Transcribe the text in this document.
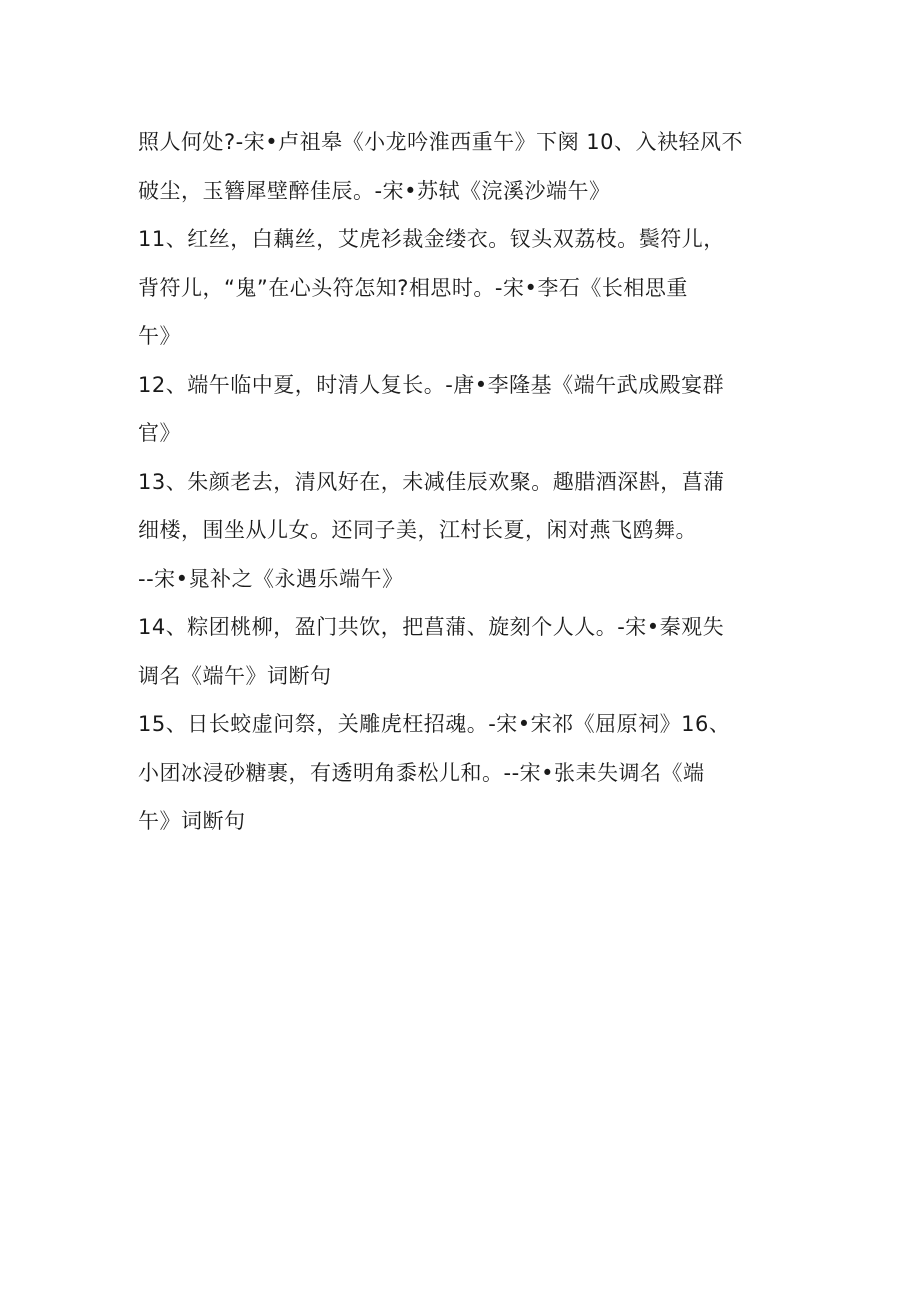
照人何处?-宋•卢祖皋《小龙吟淮西重午》下阕 10、入袂轻风不
破尘，玉簪犀壁醉佳辰。-宋•苏轼《浣溪沙端午》
11、红丝，白藕丝，艾虎衫裁金缕衣。钗头双荔枝。鬓符儿，
背符儿，“鬼”在心头符怎知?相思时。-宋•李石《长相思重
午》
12、端午临中夏，时清人复长。-唐•李隆基《端午武成殿宴群
官》
13、朱颜老去，清风好在，未减佳辰欢聚。趣腊酒深斟，菖蒲
细楼，围坐从儿女。还同子美，江村长夏，闲对燕飞鸥舞。
--宋•晁补之《永遇乐端午》
14、粽团桃柳，盈门共饮，把菖蒲、旋刻个人人。-宋•秦观失
调名《端午》词断句
15、日长蛟虚问祭，关雕虎枉招魂。-宋•宋祁《屈原祠》16、
小团冰浸砂糖裹，有透明角黍松儿和。--宋•张耒失调名《端
午》词断句
